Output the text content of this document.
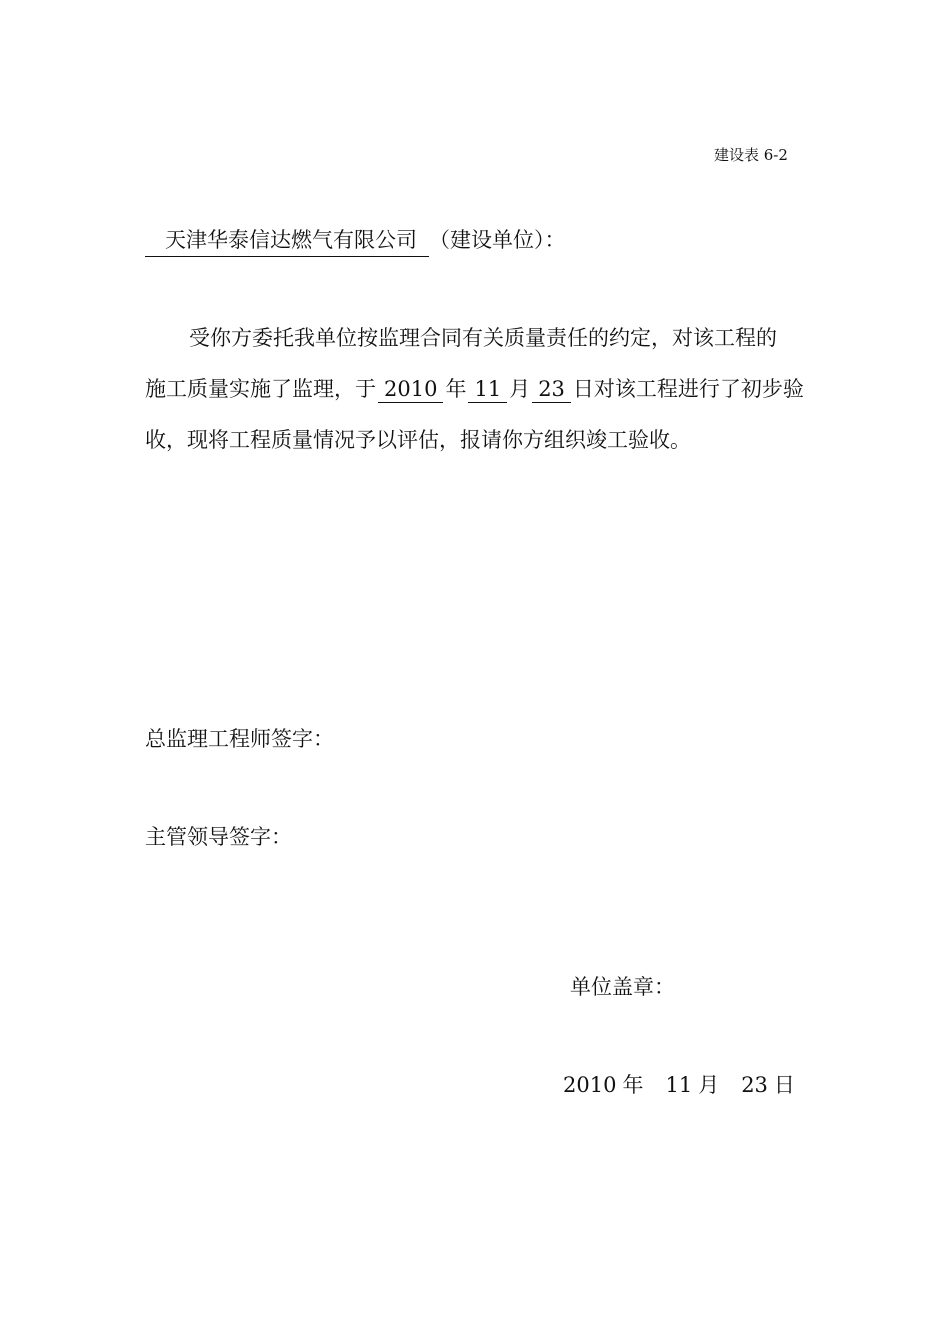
建设表 6-2
天津华泰信达燃气有限公司 （建设单位）：
受你方委托我单位按监理合同有关质量责任的约定，对该工程的
施工质量实施了监理，于 2010 年 11 月 23 日对该工程进行了初步验
收，现将工程质量情况予以评估，报请你方组织竣工验收。
总监理工程师签字：
主管领导签字：
单位盖章：
2010 年 11 月 23 日
